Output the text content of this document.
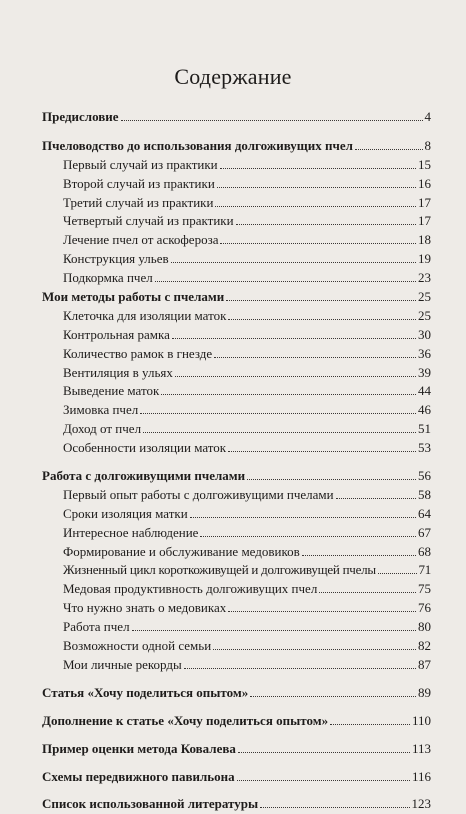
Содержание
Предисловие	4
Пчеловодство до использования долгоживущих пчел	8
Первый случай из практики	15
Второй случай из практики	16
Третий случай из практики	17
Четвертый случай из практики	17
Лечение пчел от аскофероза	18
Конструкция ульев	19
Подкормка пчел	23
Мои методы работы с пчелами	25
Клеточка для изоляции маток	25
Контрольная рамка	30
Количество рамок в гнезде	36
Вентиляция в ульях	39
Выведение маток	44
Зимовка пчел	46
Доход от пчел	51
Особенности изоляции маток	53
Работа с долгоживущими пчелами	56
Первый опыт работы с долгоживущими пчелами	58
Сроки изоляция матки	64
Интересное наблюдение	67
Формирование и обслуживание медовиков	68
Жизненный цикл короткоживущей и долгоживущей пчелы	71
Медовая продуктивность долгоживущих пчел	75
Что нужно знать о медовиках	76
Работа пчел	80
Возможности одной семьи	82
Мои личные рекорды	87
Статья «Хочу поделиться опытом»	89
Дополнение к статье «Хочу поделиться опытом»	110
Пример оценки метода Ковалева	113
Схемы передвижного павильона	116
Список использованной литературы	123
